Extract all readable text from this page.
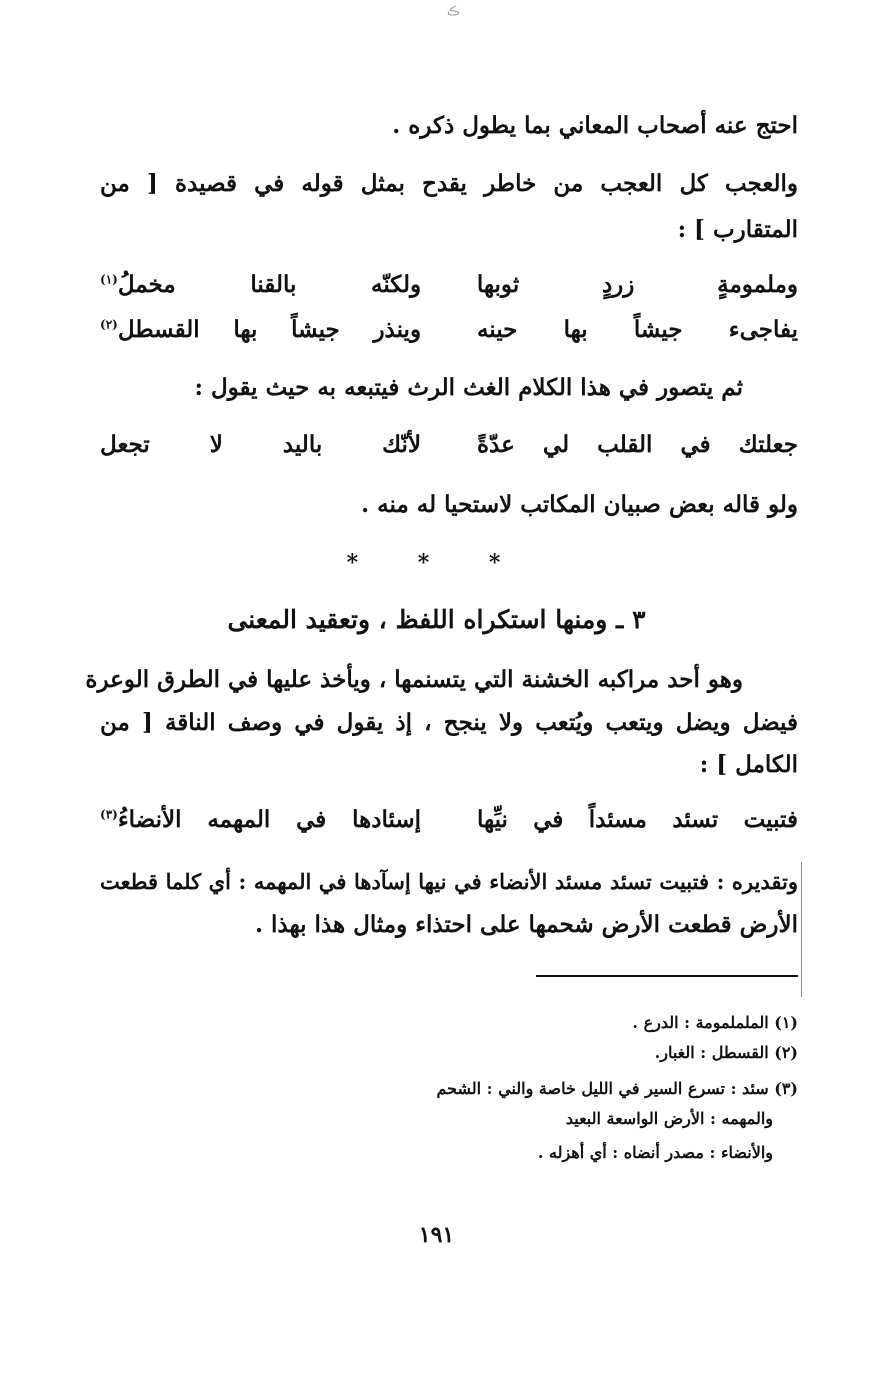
ڪ
احتج عنه أصحاب المعاني بما يطول ذكره .
والعجب كل العجب من خاطر يقدح بمثل قوله في قصيدة [ من
المتقارب ] :
وملمومةٍ
زردٍ
ثوبها
ولكنّه
بالقنا
مخملُ$^{(١)}$
يفاجىء
جيشاً
بها
حينه
وينذر
جيشاً
بها
القسطل$^{(٢)}$
ثم يتصور في هذا الكلام الغث الرث فيتبعه به حيث يقول :
جعلتك
في
القلب
لي
عدّةً
لأنّك
باليد
لا
تجعل
ولو قاله بعض صبيان المكاتب لاستحيا له منه .
* * *
٣ ـ ومنها استكراه اللفظ ، وتعقيد المعنى
وهو أحد مراكبه الخشنة التي يتسنمها ، ويأخذ عليها في الطرق الوعرة
فيضل ويضل ويتعب ويُتعب ولا ينجح ، إذ يقول في وصف الناقة [ من
الكامل ] :
فتبيت
تسئد
مسئداً
في
نيِّها
إسئادها
في
المهمه
الأنضاءُ$^{(٣)}$
وتقديره : فتبيت تسئد مسئد الأنضاء في نيها إسآدها في المهمه : أي كلما قطعت
الأرض قطعت الأرض شحمها على احتذاء ومثال هذا بهذا .
(١) الململمومة : الدرع .
(٢) القسطل : الغبار.
(٣) سئد : تسرع السير في الليل خاصة والني : الشحم
والمهمه : الأرض الواسعة البعيد
والأنضاء : مصدر أنضاه : أي أهزله .
١٩١
